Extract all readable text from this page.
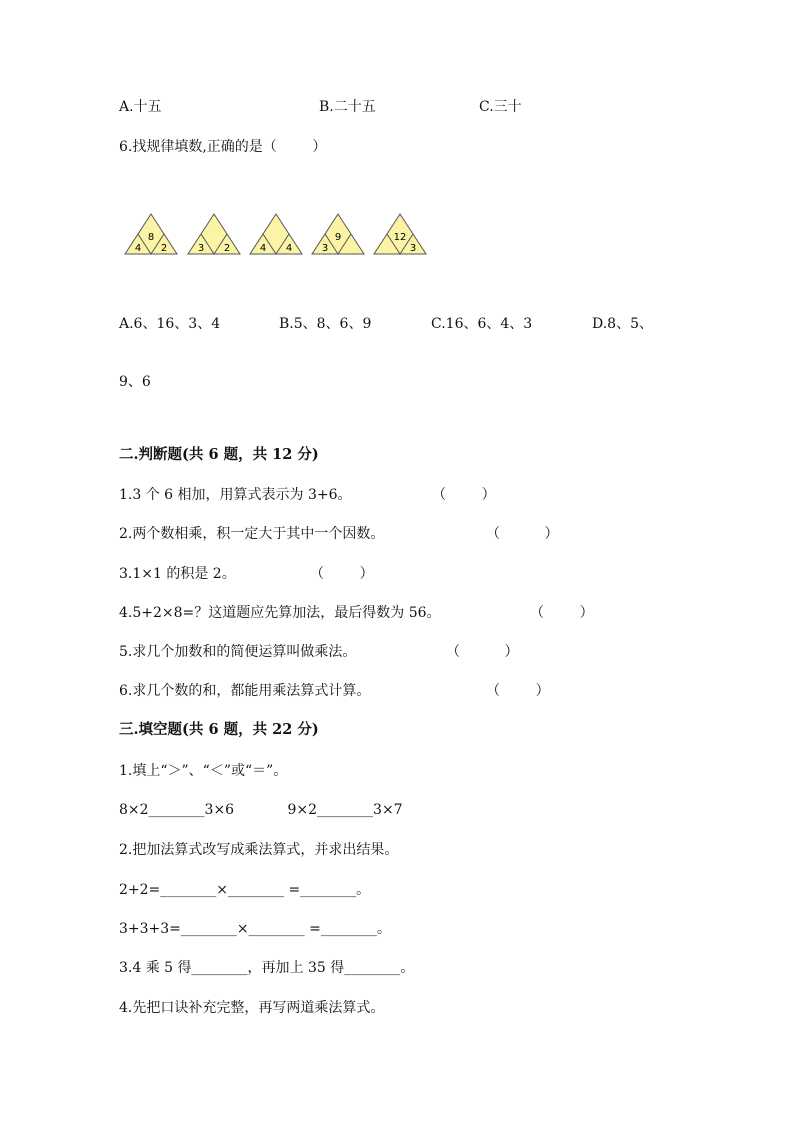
A.十五	B.二十五	C.三十
6.找规律填数,正确的是（        ）
8
4 2	3 2	4 4
9
3
12
3
A.6、16、3、4	B.5、8、6、9	C.16、6、4、3	D.8、5、
9、6
二.判断题(共 6 题，共 12 分)
1.3 个 6 相加，用算式表示为 3+6。	（        ）
2.两个数相乘，积一定大于其中一个因数。	（          ）
3.1×1 的积是 2。	（        ）
4.5+2×8=？这道题应先算加法，最后得数为 56。	（        ）
5.求几个加数和的简便运算叫做乘法。	（          ）
6.求几个数的和，都能用乘法算式计算。	（        ）
三.填空题(共 6 题，共 22 分)
1.填上“＞”、“＜”或“＝”。
8×2________3×6            9×2________3×7
2.把加法算式改写成乘法算式，并求出结果。
2+2=________×________ =________。
3+3+3=________×________ =________。
3.4 乘 5 得________，再加上 35 得________。
4.先把口诀补充完整，再写两道乘法算式。
